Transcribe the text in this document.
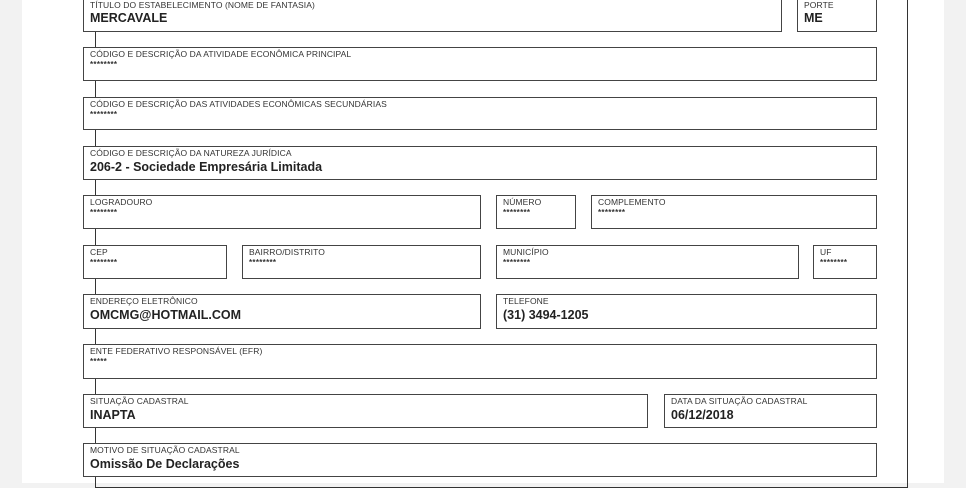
TÍTULO DO ESTABELECIMENTO (NOME DE FANTASIA)
MERCAVALE
PORTE
ME
CÓDIGO E DESCRIÇÃO DA ATIVIDADE ECONÔMICA PRINCIPAL
********
CÓDIGO E DESCRIÇÃO DAS ATIVIDADES ECONÔMICAS SECUNDÁRIAS
********
CÓDIGO E DESCRIÇÃO DA NATUREZA JURÍDICA
206-2 - Sociedade Empresária Limitada
LOGRADOURO
********
NÚMERO
********
COMPLEMENTO
********
CEP
********
BAIRRO/DISTRITO
********
MUNICÍPIO
********
UF
********
ENDEREÇO ELETRÔNICO
OMCMG@HOTMAIL.COM
TELEFONE
(31) 3494-1205
ENTE FEDERATIVO RESPONSÁVEL (EFR)
*****
SITUAÇÃO CADASTRAL
INAPTA
DATA DA SITUAÇÃO CADASTRAL
06/12/2018
MOTIVO DE SITUAÇÃO CADASTRAL
Omissão De Declarações
